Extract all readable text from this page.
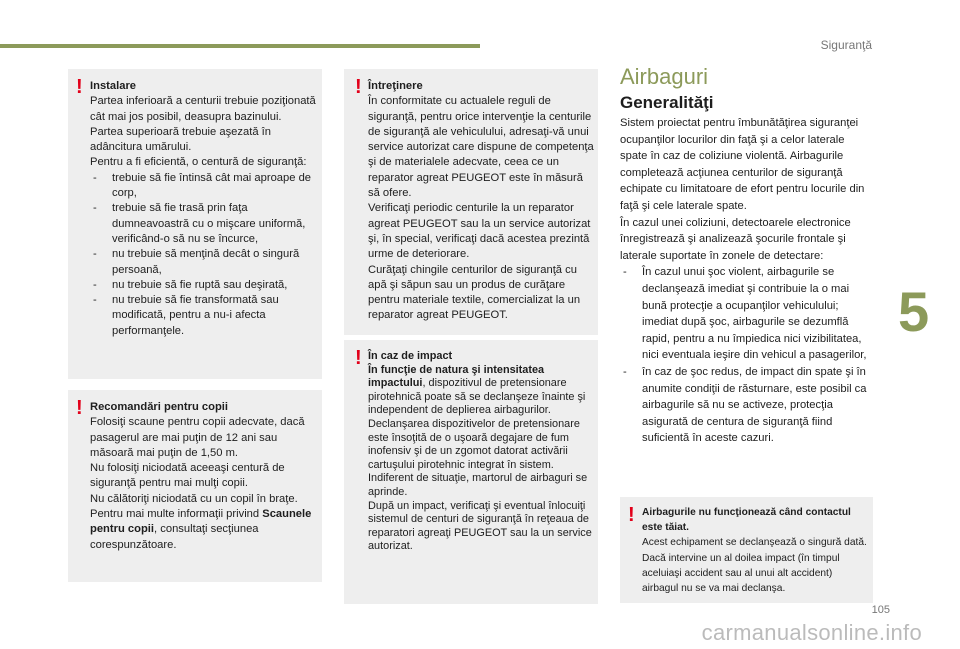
Siguranţă
5
! Instalare

Partea inferioară a centurii trebuie poziţionată cât mai jos posibil, deasupra bazinului.

Partea superioară trebuie aşezată în adâncitura umărului.

Pentru a fi eficientă, o centură de siguranţă:

- trebuie să fie întinsă cât mai aproape de corp,

- trebuie să fie trasă prin faţa dumneavoastră cu o mişcare uniformă, verificând-o să nu se încurce,

- nu trebuie să menţină decât o singură persoană,

- nu trebuie să fie ruptă sau deşirată,

- nu trebuie să fie transformată sau modificată, pentru a nu-i afecta performanţele.

! Recomandări pentru copii

Folosiţi scaune pentru copii adecvate, dacă pasagerul are mai puţin de 12 ani sau măsoară mai puţin de 1,50 m.

Nu folosiţi niciodată aceeaşi centură de siguranţă pentru mai mulţi copii.

Nu călătoriţi niciodată cu un copil în braţe.

Pentru mai multe informaţii privind Scaunele pentru copii, consultaţi secţiunea corespunzătoare.

! Întreţinere

În conformitate cu actualele reguli de siguranţă, pentru orice intervenţie la centurile de siguranţă ale vehiculului, adresaţi-vă unui service autorizat care dispune de competenţa şi de materialele adecvate, ceea ce un reparator agreat PEUGEOT este în măsură să ofere.

Verificaţi periodic centurile la un reparator agreat PEUGEOT sau la un service autorizat şi, în special, verificaţi dacă acestea prezintă urme de deteriorare.

Curăţaţi chingile centurilor de siguranţă cu apă şi săpun sau un produs de curăţare pentru materiale textile, comercializat la un reparator agreat PEUGEOT.

! În caz de impact

În funcţie de natura şi intensitatea impactului, dispozitivul de pretensionare pirotehnică poate să se declanşeze înainte şi independent de deplierea airbagurilor. Declanşarea dispozitivelor de pretensionare este însoţită de o uşoară degajare de fum inofensiv şi de un zgomot datorat activării cartuşului pirotehnic integrat în sistem.

Indiferent de situaţie, martorul de airbaguri se aprinde.

După un impact, verificaţi şi eventual înlocuiţi sistemul de centuri de siguranţă în reţeaua de reparatori agreaţi PEUGEOT sau la un service autorizat.

Airbaguri
Generalităţi

Sistem proiectat pentru îmbunătăţirea siguranţei ocupanţilor locurilor din faţă şi a celor laterale spate în caz de coliziune violentă. Airbagurile completează acţiunea centurilor de siguranţă echipate cu limitatoare de efort pentru locurile din faţă şi cele laterale spate.

În cazul unei coliziuni, detectoarele electronice înregistrează şi analizează şocurile frontale şi laterale suportate în zonele de detectare:

- În cazul unui şoc violent, airbagurile se declanşează imediat şi contribuie la o mai bună protecţie a ocupanţilor vehiculului; imediat după şoc, airbagurile se dezumflă rapid, pentru a nu împiedica nici vizibilitatea, nici eventuala ieşire din vehicul a pasagerilor,

- în caz de şoc redus, de impact din spate şi în anumite condiţii de răsturnare, este posibil ca airbagurile să nu se activeze, protecţia asigurată de centura de siguranţă fiind suficientă în aceste cazuri.

! Airbagurile nu funcţionează când contactul este tăiat.

Acest echipament se declanşează o singură dată. Dacă intervine un al doilea impact (în timpul aceluiaşi accident sau al unui alt accident) airbagul nu se va mai declanşa.

105
carmanualsonline.info
